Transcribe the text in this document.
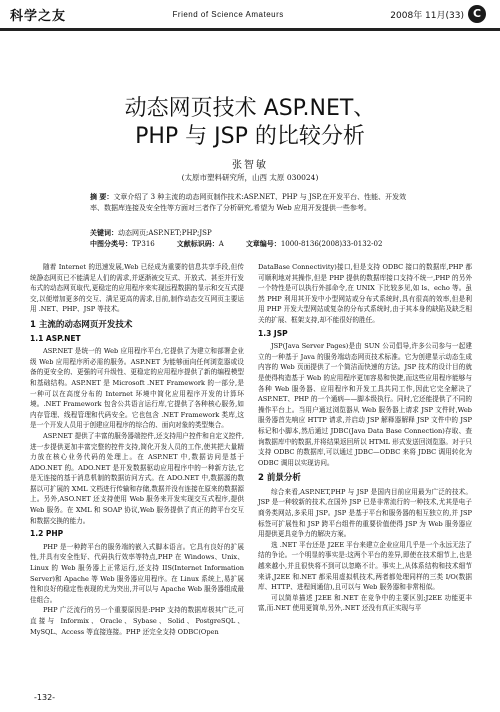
科学之友	Friend of Science Amateurs	2008年 11月(33) C
动态网页技术 ASP.NET、
PHP 与 JSP 的比较分析
张智敏
(太原市塑料研究所，山西 太原 030024)
摘 要：文章介绍了 3 种主流的动态网页制作技术:ASP.NET、PHP 与 JSP,在开发平台、性能、开发效率、数据库连接及安全性等方面对三者作了分析研究,希望为 Web 应用开发提供一些参考。
关键词：动态网页;ASP.NET;PHP;JSP
中图分类号：TP316	文献标识码：A	文章编号：1000-8136(2008)33-0132-02

随着 Internet 的迅速发展,Web 已经成为重要的信息共享手段,但传统静态网页已不能满足人们的需求,并逐渐被交互式、开放式、甚至并行发布式的动态网页取代,更稳定的应用程序来实现远程数据的显示和交互式提交,以便增加更多的交互、满足更高的需求,目前,制作动态交互网页主要运用 .NET、PHP、JSP 等技术。

1 主流的动态网页开发技术
1.1 ASP.NET

ASP.NET 是统一的 Web 应用程序平台,它提供了为建立和部署企业级 Web 应用程序所必需的服务。ASP.NET 为能够面向任何浏览器或设备的更安全的、更强的可升级性、更稳定的应用程序提供了新的编程模型和基础结构。ASP.NET 是 Microsoft .NET Framework 的一部分,是一种可以在高度分布的 Internet 环境中简化应用程序开发的计算环境。.NET Framework 包含公共语言运行库,它提供了各种核心服务,如内存管理、线程管理和代码安全。它也包含 .NET Framework 类库,这是一个开发人员用于创建应用程序的综合的、面向对象的类型集合。

ASP.NET 提供了丰富的服务器端控件,还支持用户控件和自定义控件,进一步提供更加丰富完整的控件支持,简化开发人员的工作,使其把大量精力放在核心业务代码的处理上。在 ASP.NET 中,数据访问是基于 ADO.NET 的。ADO.NET 是开发数据驱动应用程序中的一种新方法,它是无连接的基于消息机制的数据访问方式。在 ADO.NET 中,数据源的数据以可扩展的 XML 文档进行传输和存储,数据并没有连接在原来的数据源上。另外,ASO.NET 还支持使用 Web 服务来开发实现交互式程序,提供 Web 服务。在 XML 和 SOAP 协议,Web 服务提供了真正的跨平台交互和数据交换的能力。

1.2 PHP

PHP 是一种跨平台的服务端的嵌入式脚本语言。它具有良好的扩展性,并具有安全性好、代码执行效率等特点,PHP 在 Windows、Unix、Linux 的 Web 服务器上正常运行,还支持 IIS(Internet Information Server)和 Apache 等 Web 服务器应用程序。在 Linux 系统上,易扩展性和良好的稳定性表现的尤为突出,并可以与 Apache Web 服务器组成最佳组合。

PHP 广泛流行的另一个重要原因是:PHP 支持的数据库极其广泛,可直接与 Informix、Oracle、Sybase、Solid、PostgreSQL、MySQL、Access 等直接连接。PHP 还完全支持 ODBC(Open

DataBase Connectivity)接口,但是支持 ODBC 接口的数据库,PHP 都可顺利地对其操作,但是 PHP 提供的数据库接口支持不统一,PHP 的另外一个特性是可以执行外部命令,在 UNIX 下比较多见,如 ls、echo 等。虽然 PHP 利用其开发中小型网站或分布式系统时,具有很高的效率,但是利用 PHP 开发大型网站或复杂的分布式系统时,由于其本身的缺陷及缺乏相关的扩展、框架支持,却不能很好的胜任。

1.3 JSP

JSP(Java Server Pages)是由 SUN 公司倡导,许多公司参与一起建立的一种基于 Java 的服务端动态网页技术标准。它为创建显示动态生成内容的 Web 页面提供了一个简洁而快速的方法。JSP 技术的设计目的就是使得构造基于 Web 的应用程序更加容易和快捷,而这些应用程序能够与各种 Web 服务器、应用程序和开发工具共同工作,因此它完全解决了 ASP.NET、PHP 的一个通病——脚本级执行。同时,它还能提供了不同的操作平台上。当用户通过浏览器从 Web 服务器上请求 JSP 文件时,Web 服务器首先响应 HTTP 请求,并启动 JSP 解释器解释 JSP 文件中的 JSP 标记和小脚本,然后通过 JDBC(Java Data Base Connection)存取、查询数据库中的数据,并将结果返回所以 HTML 形式发送回浏览器。对于只支持 ODBC 的数据库,可以通过 JDBC—ODBC 来将 JDBC 调用转化为 ODBC 调用以实现访问。

2 前景分析

综合来看,ASP.NET,PHP 与 JSP 是国内目前应用最为广泛的技术。JSP 是一种较新的技术,在国外 JSP 已是非常流行的一种技术,尤其是电子商务类网站,多采用 JSP。JSP 是基于平台和服务器的相互独立的,并 JSP 标签可扩展性和 JSP 跨平台组件的重要价值使得 JSP 为 Web 服务器应用提供更具竞争力的解决方案。

选 .NET 平台还是 J2EE 平台来建立企业应用几乎是一个永远无法了结的争论。一个明显的事实是:这两个平台的差异,即使在技术细节上,也是越来越小,并且很快将不到可以忽略不计。事实上,从体系结构和技术细节来讲,J2EE 和.NET 都采用虚拟机技术,两者都处理同样的三类 I/O(数据库、HTTP、进程间通信),且可以与 Web 服务器和非常相似。

可以简单描述 J2EE 和.NET 在竞争中的主要区别;J2EE 功能更丰富,而.NET 使用更简单,另外,.NET 还没有真正实现与平

-132-
